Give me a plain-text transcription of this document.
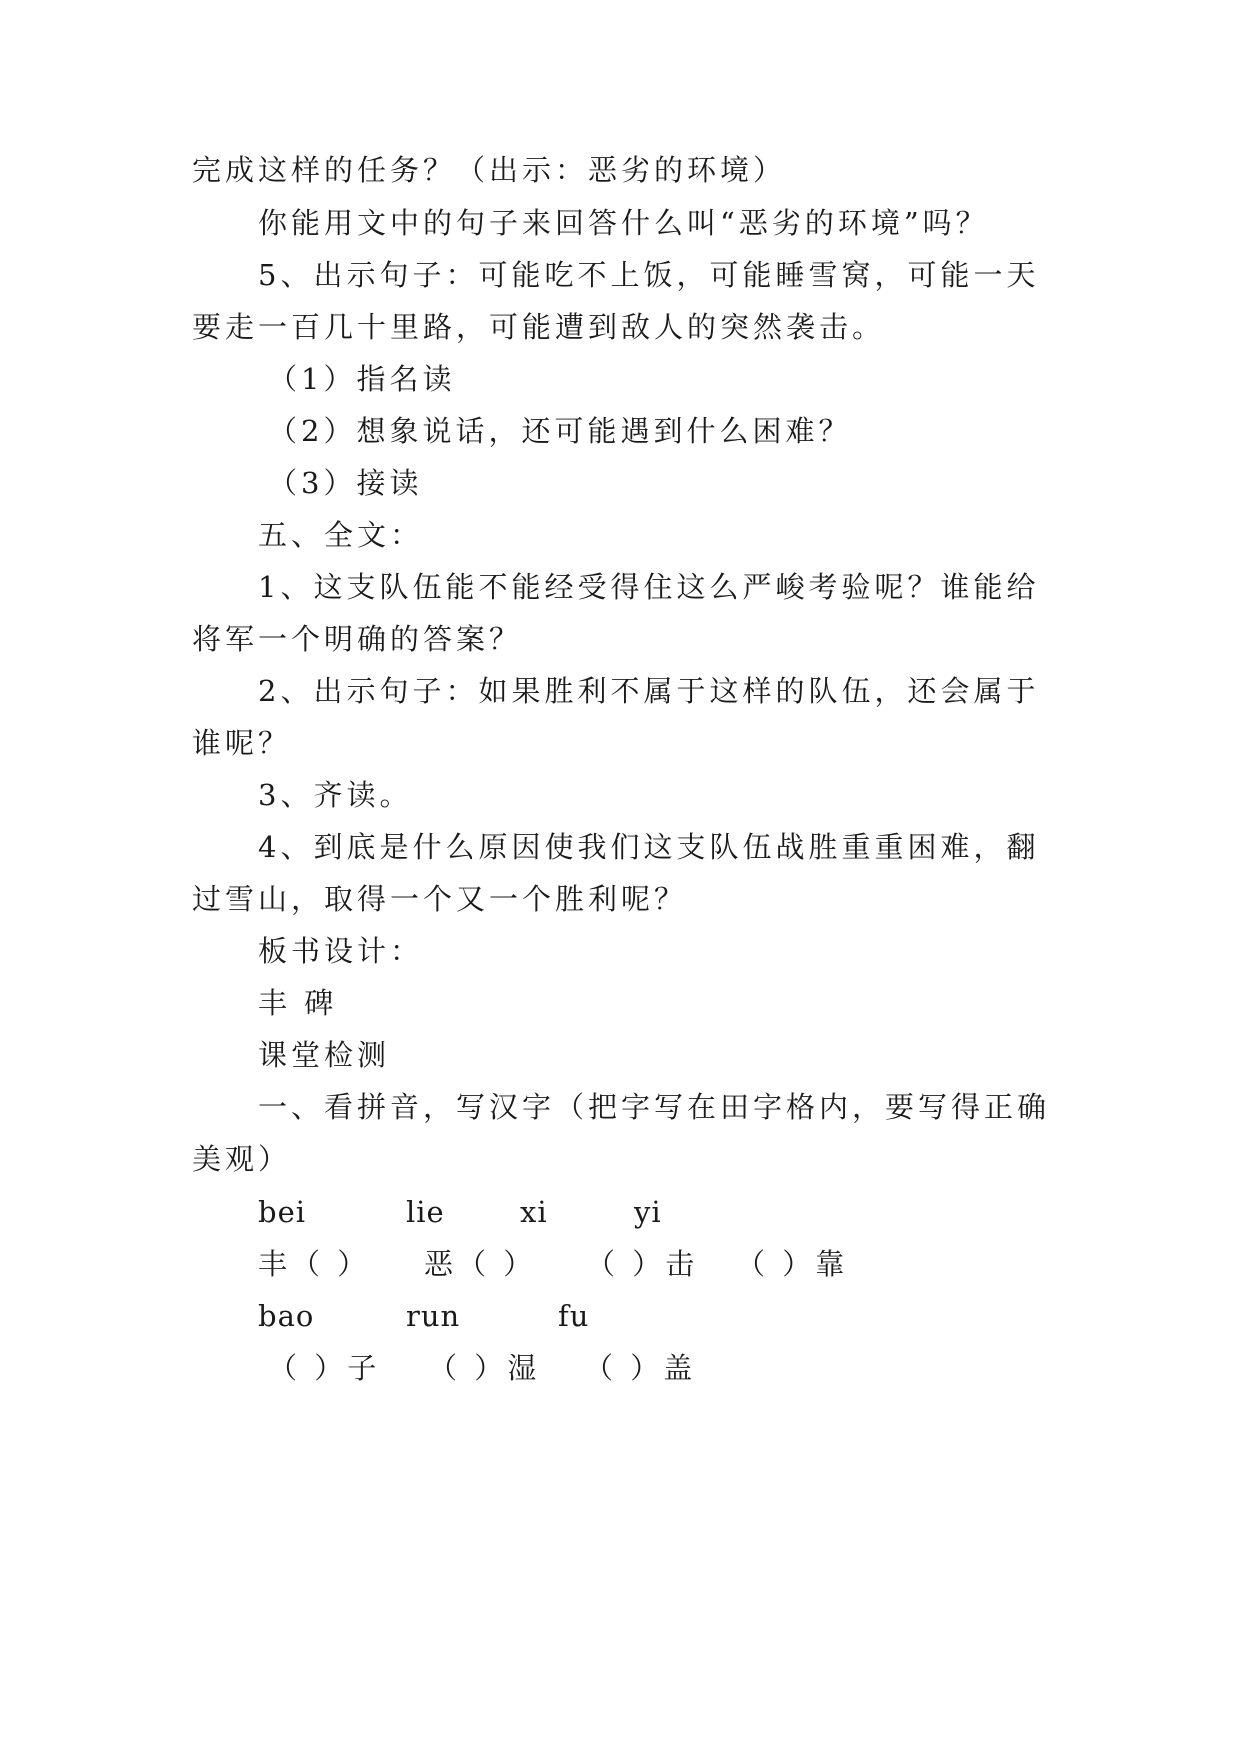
完成这样的任务？（出示：恶劣的环境）
你能用文中的句子来回答什么叫“恶劣的环境”吗？
5、出示句子：可能吃不上饭，可能睡雪窝，可能一天
要走一百几十里路，可能遭到敌人的突然袭击。
（1）指名读
（2）想象说话，还可能遇到什么困难？
（3）接读
五、全文：
1、这支队伍能不能经受得住这么严峻考验呢？谁能给
将军一个明确的答案？
2、出示句子：如果胜利不属于这样的队伍，还会属于
谁呢？
3、齐读。
4、到底是什么原因使我们这支队伍战胜重重困难，翻
过雪山，取得一个又一个胜利呢？
板书设计：
丰 碑
课堂检测
一、看拼音，写汉字（把字写在田字格内，要写得正确
美观）
bei	lie	xi	yi
丰（ ） 恶（ ） （ ）击 （ ）靠
bao	run	fu
（ ）子 （ ）湿 （ ）盖
